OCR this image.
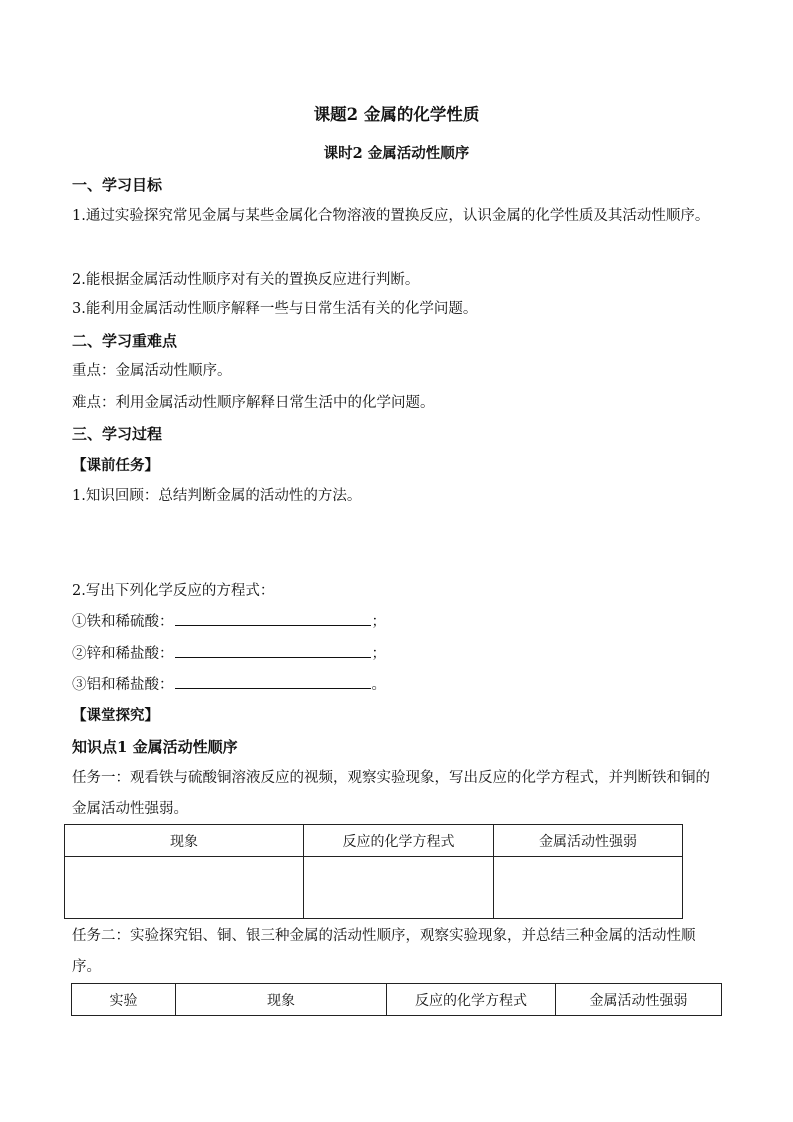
课题2 金属的化学性质
课时2 金属活动性顺序
一、学习目标
1.通过实验探究常见金属与某些金属化合物溶液的置换反应，认识金属的化学性质及其活动性顺序。
2.能根据金属活动性顺序对有关的置换反应进行判断。
3.能利用金属活动性顺序解释一些与日常生活有关的化学问题。
二、学习重难点
重点：金属活动性顺序。
难点：利用金属活动性顺序解释日常生活中的化学问题。
三、学习过程
【课前任务】
1.知识回顾：总结判断金属的活动性的方法。
2.写出下列化学反应的方程式：
①铁和稀硫酸：	；
②锌和稀盐酸：	；
③铝和稀盐酸：	。
【课堂探究】
知识点1 金属活动性顺序
任务一：观看铁与硫酸铜溶液反应的视频，观察实验现象，写出反应的化学方程式，并判断铁和铜的金属活动性强弱。
现象	反应的化学方程式	金属活动性强弱

任务二：实验探究铝、铜、银三种金属的活动性顺序，观察实验现象，并总结三种金属的活动性顺序。
实验	现象	反应的化学方程式	金属活动性强弱
